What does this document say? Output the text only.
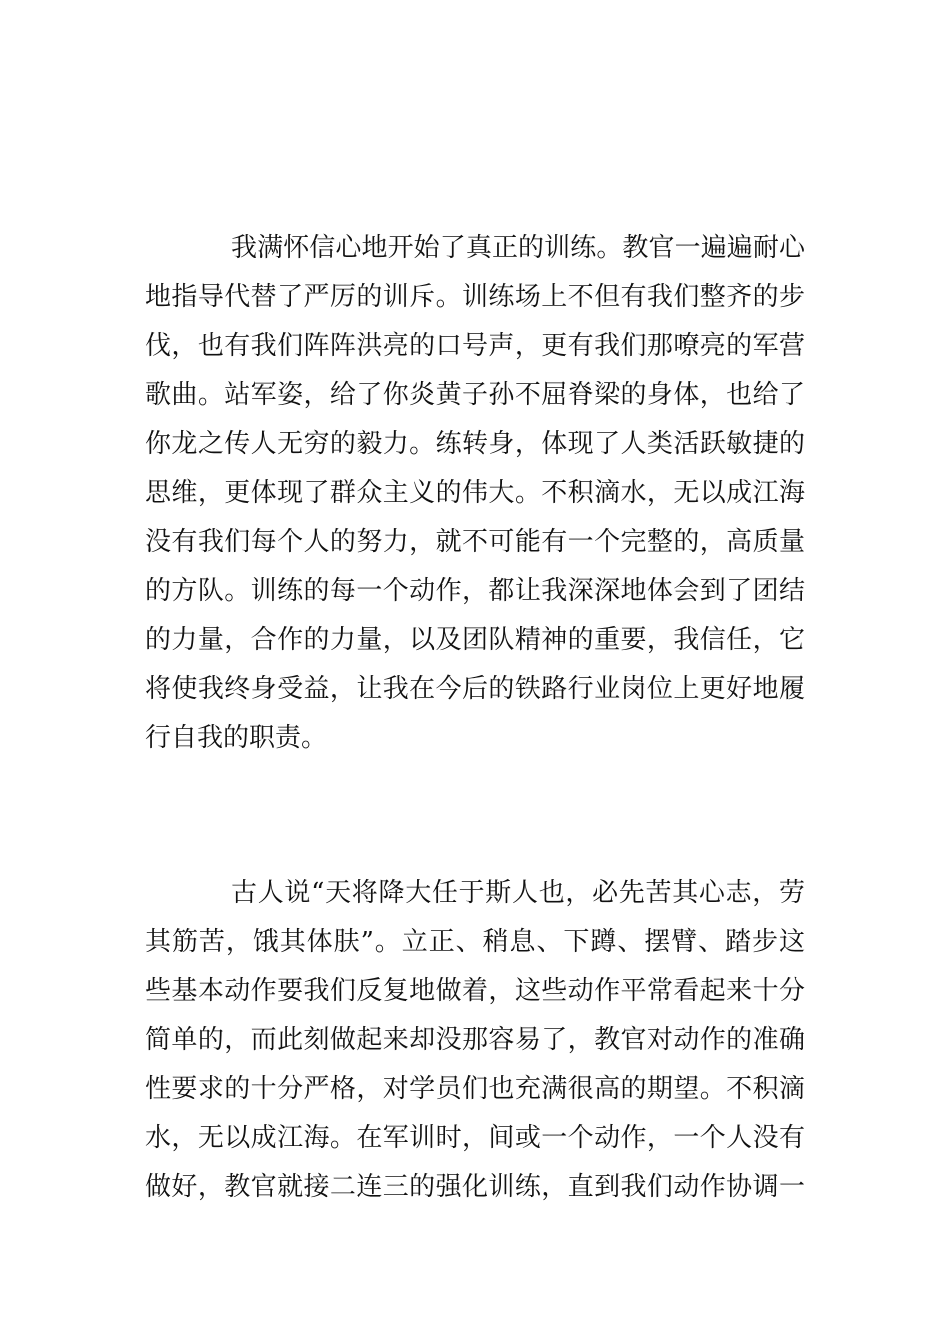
我满怀信心地开始了真正的训练。教官一遍遍耐心
地指导代替了严厉的训斥。训练场上不但有我们整齐的步
伐，也有我们阵阵洪亮的口号声，更有我们那嘹亮的军营
歌曲。站军姿，给了你炎黄子孙不屈脊梁的身体，也给了
你龙之传人无穷的毅力。练转身，体现了人类活跃敏捷的
思维，更体现了群众主义的伟大。不积滴水，无以成江海
没有我们每个人的努力，就不可能有一个完整的，高质量
的方队。训练的每一个动作，都让我深深地体会到了团结
的力量，合作的力量，以及团队精神的重要，我信任，它
将使我终身受益，让我在今后的铁路行业岗位上更好地履
行自我的职责。
古人说“天将降大任于斯人也，必先苦其心志，劳
其筋苦，饿其体肤”。立正、稍息、下蹲、摆臂、踏步这
些基本动作要我们反复地做着，这些动作平常看起来十分
简单的，而此刻做起来却没那容易了，教官对动作的准确
性要求的十分严格，对学员们也充满很高的期望。不积滴
水，无以成江海。在军训时，间或一个动作，一个人没有
做好，教官就接二连三的强化训练，直到我们动作协调一
